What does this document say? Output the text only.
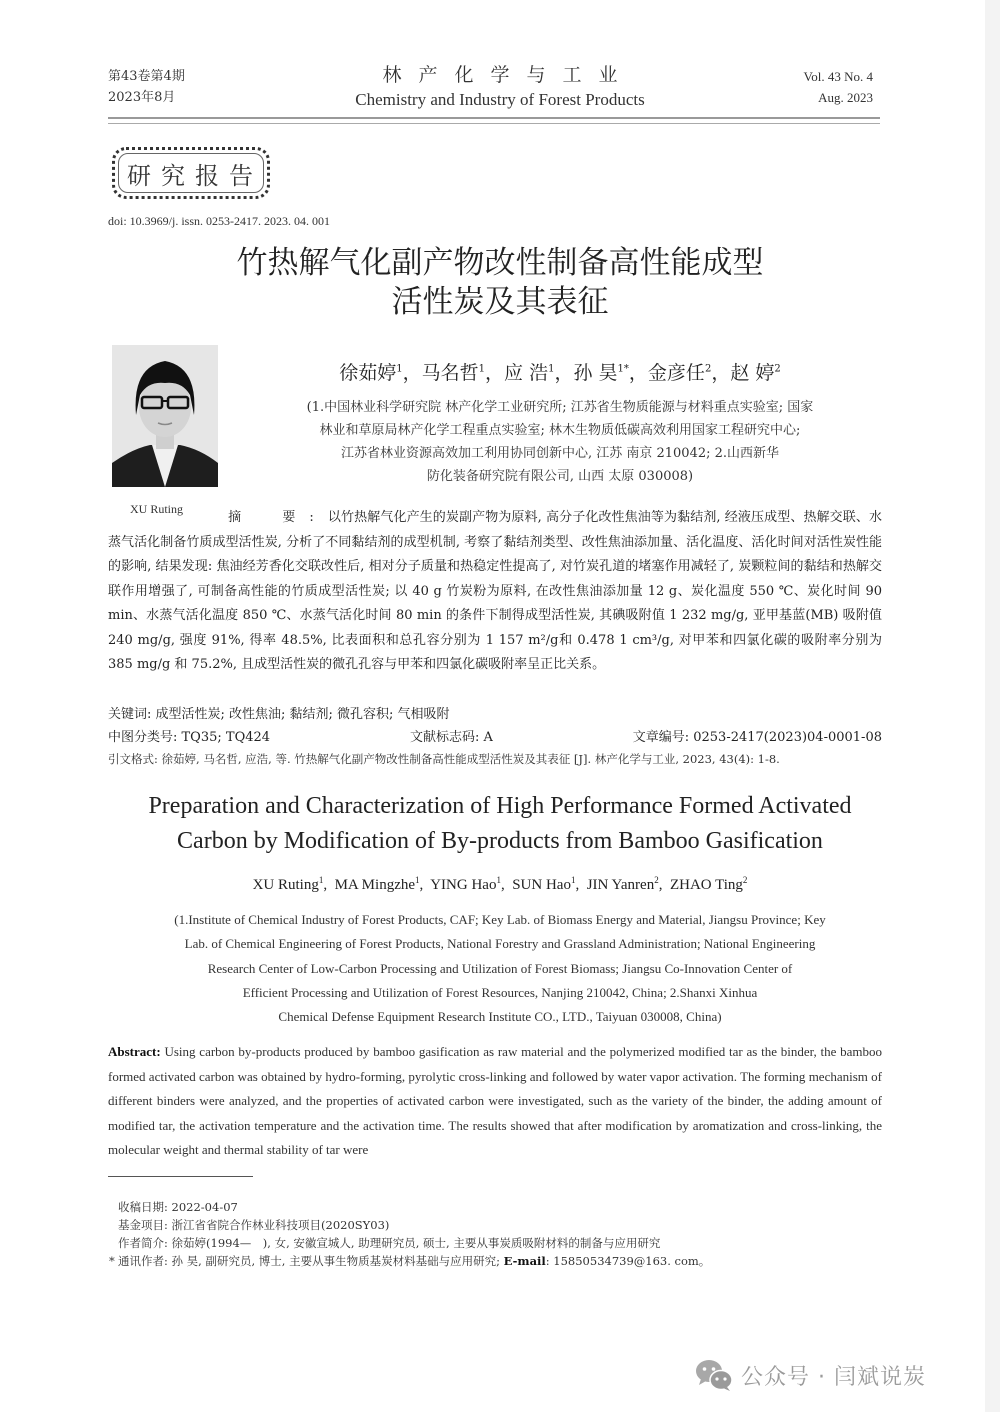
第43卷第4期
2023年8月
林产化学与工业
Chemistry and Industry of Forest Products
Vol. 43 No. 4
Aug. 2023
研究报告
doi: 10.3969/j. issn. 0253-2417. 2023. 04. 001
竹热解气化副产物改性制备高性能成型
活性炭及其表征
XU Ruting
徐茹婷$^1$，马名哲$^1$，应 浩$^1$，孙 昊$^{1*}$，金彦任$^2$，赵 婷$^2$
(1.中国林业科学研究院 林产化学工业研究所; 江苏省生物质能源与材料重点实验室; 国家
林业和草原局林产化学工程重点实验室; 林木生物质低碳高效利用国家工程研究中心;
江苏省林业资源高效加工利用协同创新中心, 江苏 南京 210042; 2.山西新华
防化装备研究院有限公司, 山西 太原 030008)
摘　要:以竹热解气化产生的炭副产物为原料, 高分子化改性焦油等为黏结剂, 经液压成型、热解交联、水蒸气活化制备竹质成型活性炭, 分析了不同黏结剂的成型机制, 考察了黏结剂类型、改性焦油添加量、活化温度、活化时间对活性炭性能的影响, 结果发现: 焦油经芳香化交联改性后, 相对分子质量和热稳定性提高了, 对竹炭孔道的堵塞作用减轻了, 炭颗粒间的黏结和热解交联作用增强了, 可制备高性能的竹质成型活性炭; 以 40 g 竹炭粉为原料, 在改性焦油添加量 12 g、炭化温度 550 ℃、炭化时间 90 min、水蒸气活化温度 850 ℃、水蒸气活化时间 80 min 的条件下制得成型活性炭, 其碘吸附值 1 232 mg/g, 亚甲基蓝(MB) 吸附值 240 mg/g, 强度 91%, 得率 48.5%, 比表面积和总孔容分别为 1 157 m²/g和 0.478 1 cm³/g, 对甲苯和四氯化碳的吸附率分别为 385 mg/g 和 75.2%, 且成型活性炭的微孔孔容与甲苯和四氯化碳吸附率呈正比关系。
关键词: 成型活性炭; 改性焦油; 黏结剂; 微孔容积; 气相吸附
中图分类号: TQ35; TQ424	文献标志码: A	文章编号: 0253-2417(2023)04-0001-08
引文格式: 徐茹婷, 马名哲, 应浩, 等. 竹热解气化副产物改性制备高性能成型活性炭及其表征 [J]. 林产化学与工业, 2023, 43(4): 1-8.
Preparation and Characterization of High Performance Formed Activated
Carbon by Modification of By-products from Bamboo Gasification
XU Ruting$^1$,  MA Mingzhe$^1$,  YING Hao$^1$,  SUN Hao$^1$,  JIN Yanren$^2$,  ZHAO Ting$^2$
(1.Institute of Chemical Industry of Forest Products, CAF; Key Lab. of Biomass Energy and Material, Jiangsu Province; Key
Lab. of Chemical Engineering of Forest Products, National Forestry and Grassland Administration; National Engineering
Research Center of Low-Carbon Processing and Utilization of Forest Biomass; Jiangsu Co-Innovation Center of
Efficient Processing and Utilization of Forest Resources, Nanjing 210042, China; 2.Shanxi Xinhua
Chemical Defense Equipment Research Institute CO., LTD., Taiyuan 030008, China)
Abstract: Using carbon by-products produced by bamboo gasification as raw material and the polymerized modified tar as the binder, the bamboo formed activated carbon was obtained by hydro-forming, pyrolytic cross-linking and followed by water vapor activation. The forming mechanism of different binders were analyzed, and the properties of activated carbon were investigated, such as the variety of the binder, the adding amount of modified tar, the activation temperature and the activation time. The results showed that after modification by aromatization and cross-linking, the molecular weight and thermal stability of tar were
收稿日期: 2022-04-07
基金项目: 浙江省省院合作林业科技项目(2020SY03)
作者简介: 徐茹婷(1994—　), 女, 安徽宣城人, 助理研究员, 硕士, 主要从事炭质吸附材料的制备与应用研究
* 通讯作者: 孙 昊, 副研究员, 博士, 主要从事生物质基炭材料基础与应用研究; E-mail: 15850534739@163. com。
公众号 · 闫斌说炭
